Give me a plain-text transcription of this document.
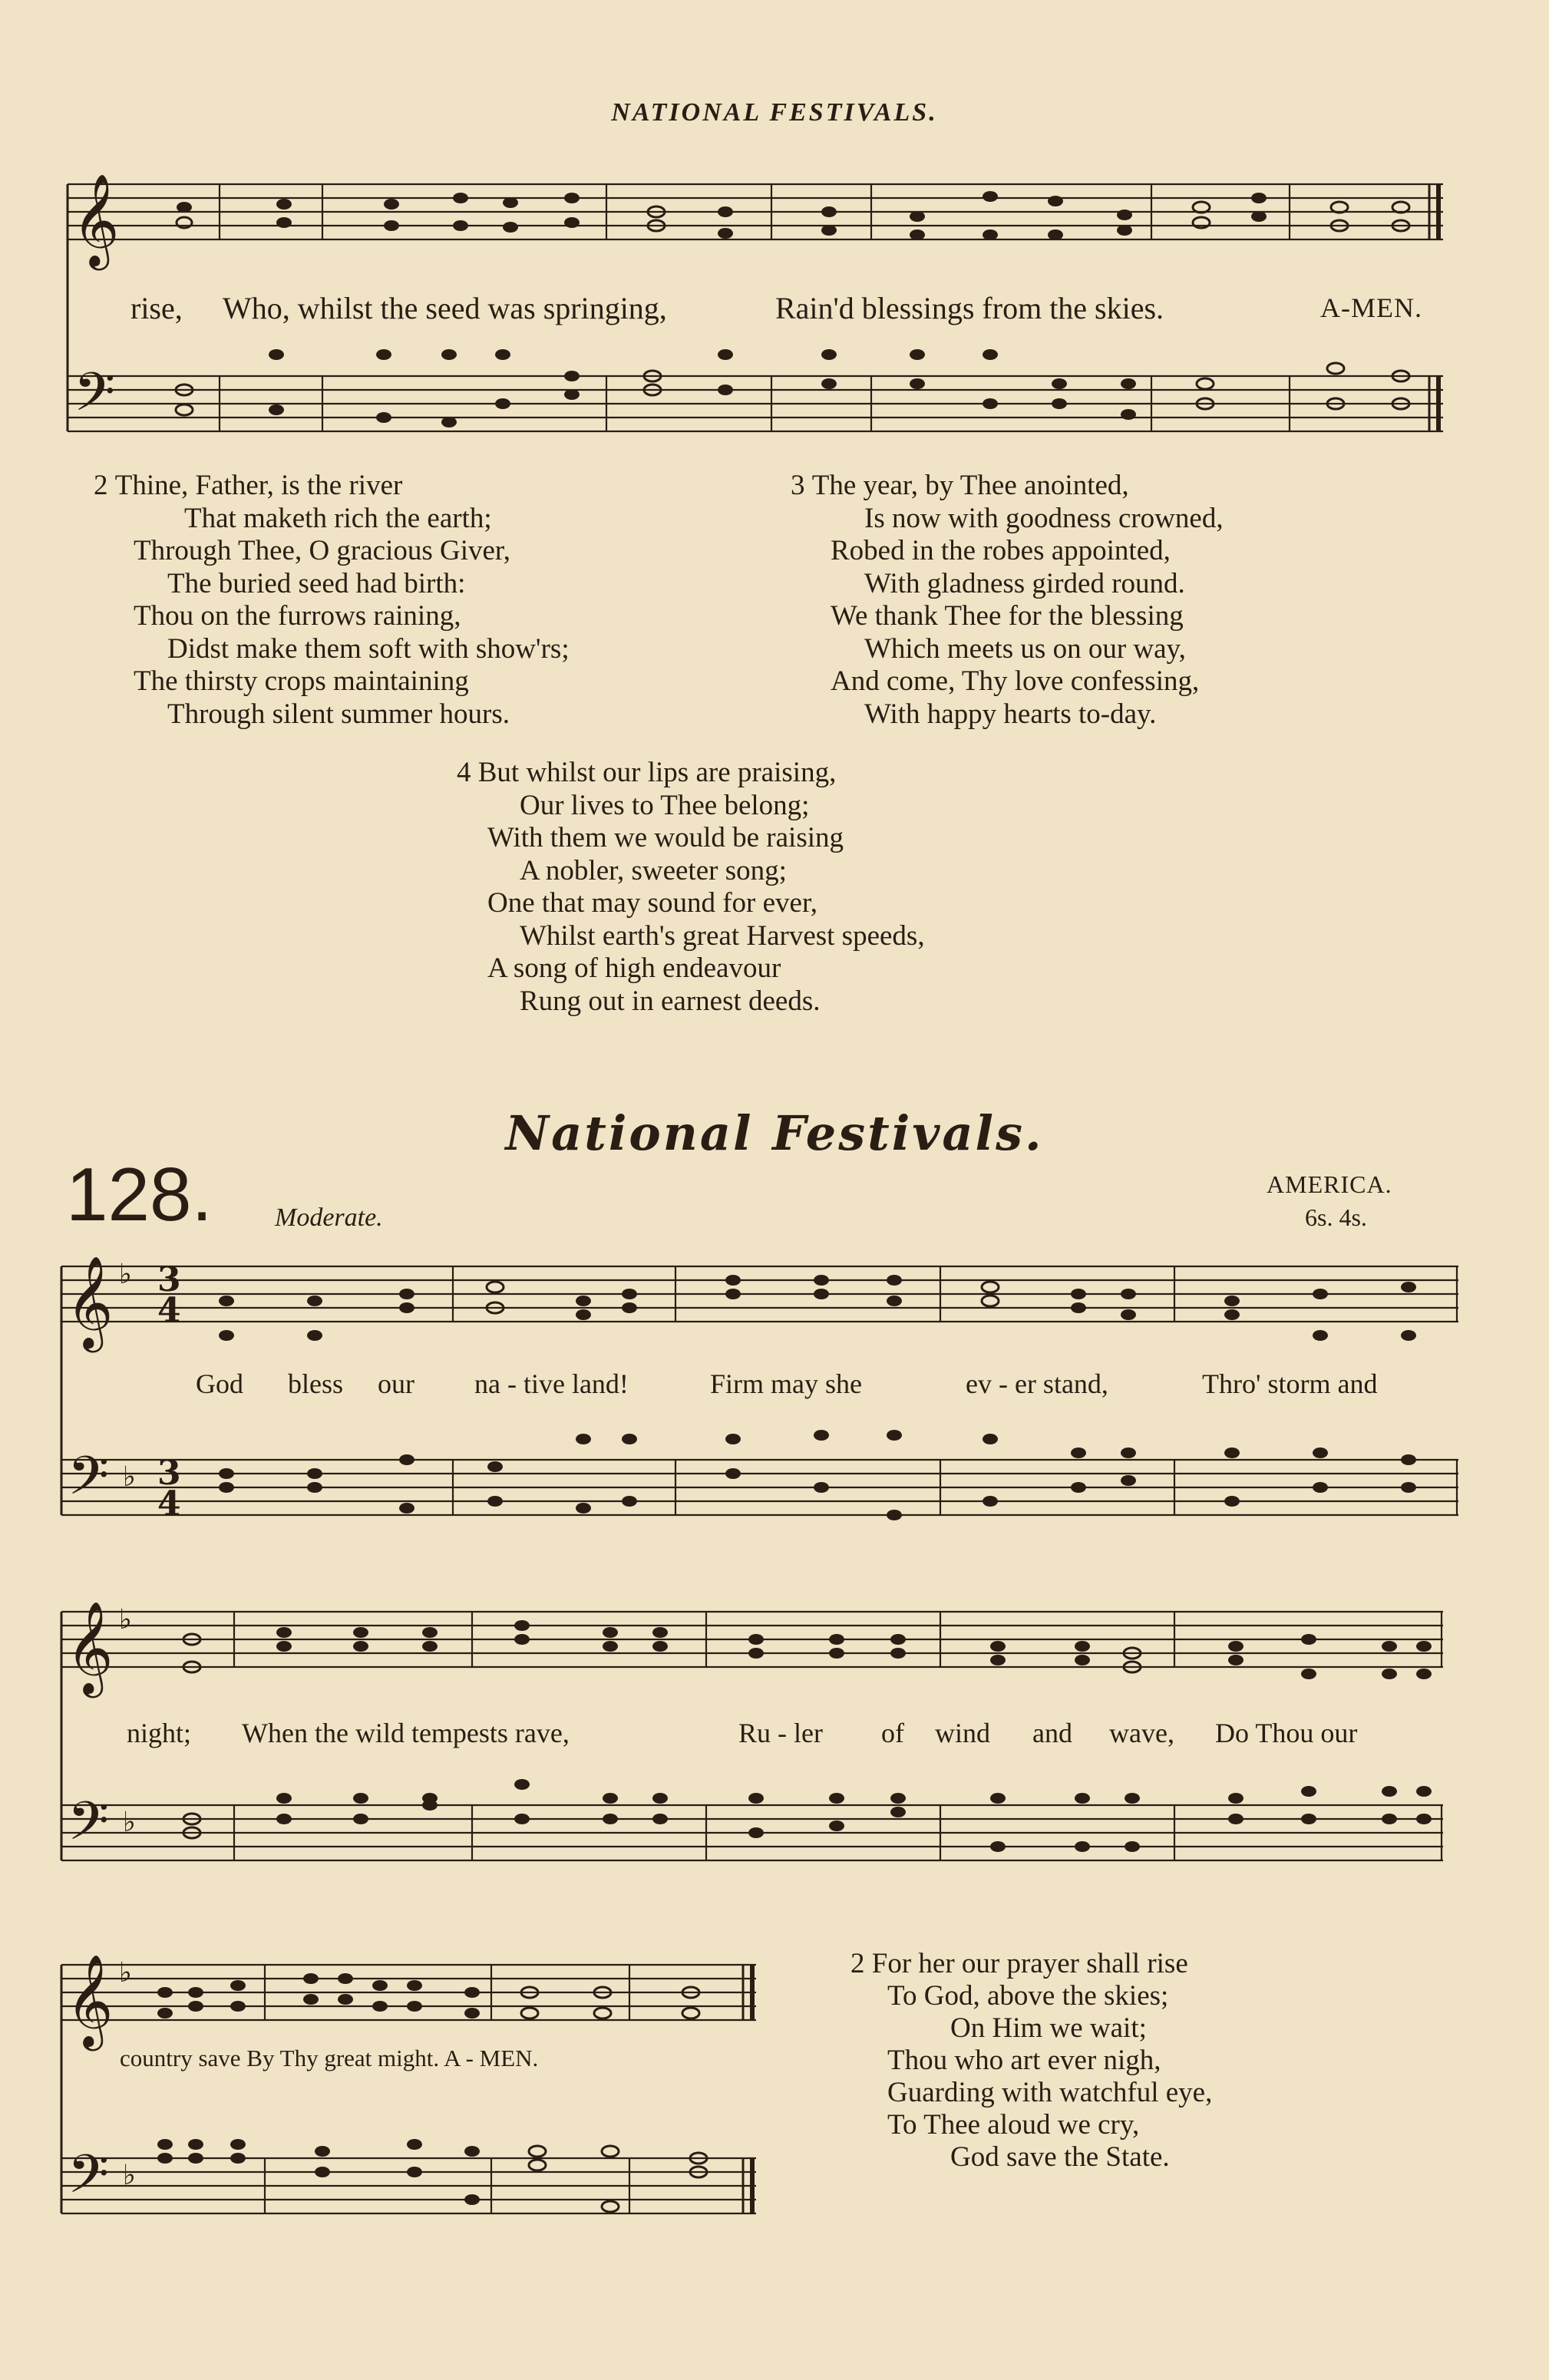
NATIONAL FESTIVALS.
𝄞
𝄢
rise, Who, whilst the seed was springing,	Rain'd blessings from the skies.	A-MEN.
2 Thine, Father, is the river
That maketh rich the earth;
Through Thee, O gracious Giver,
The buried seed had birth:
Thou on the furrows raining,
Didst make them soft with show'rs;
The thirsty crops maintaining
Through silent summer hours.
3 The year, by Thee anointed,
Is now with goodness crowned,
Robed in the robes appointed,
With gladness girded round.
We thank Thee for the blessing
Which meets us on our way,
And come, Thy love confessing,
With happy hearts to-day.
4 But whilst our lips are praising,
Our lives to Thee belong;
With them we would be raising
A nobler, sweeter song;
One that may sound for ever,
Whilst earth's great Harvest speeds,
A song of high endeavour
Rung out in earnest deeds.
National Festivals.
128. Moderate.
AMERICA.
6s. 4s.
𝄞
𝄢
♭
♭
3
4
3
4
God bless our na - tive land!	Firm may she	ev - er stand,	Thro' storm and
𝄞
𝄢
♭
♭
night; When the wild tempests rave,	Ru - ler of wind and wave, Do Thou our
𝄞
𝄢
♭
♭
country save By Thy great might. A - MEN.
2 For her our prayer shall rise
To God, above the skies;
On Him we wait;
Thou who art ever nigh,
Guarding with watchful eye,
To Thee aloud we cry,
God save the State.
